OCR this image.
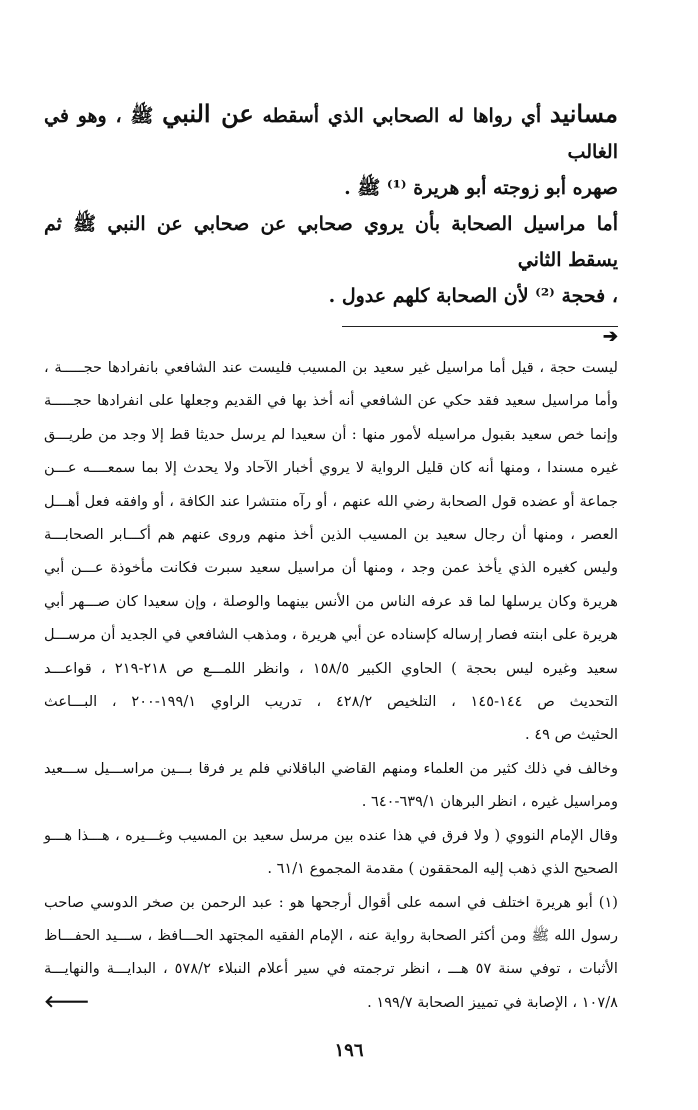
مسانيد أي رواها له الصحابي الذي أسقطه عن النبي ﷺ ، وهو في الغالب

صهره أبو زوجته أبو هريرة ⁽¹⁾ ﷺ .

أما مراسيل الصحابة بأن يروي صحابي عن صحابي عن النبي ﷺ ثم يسقط الثاني

، فحجة ⁽²⁾ لأن الصحابة كلهم عدول .

➔

ليست حجة ، قيل أما مراسيل غير سعيد بن المسيب فليست عند الشافعي بانفرادها حجـــــة ،

وأما مراسيل سعيد فقد حكي عن الشافعي أنه أخذ بها في القديم وجعلها على انفرادها حجـــــة

وإنما خص سعيد بقبول مراسيله لأمور منها : أن سعيدا لم يرسل حديثا قط إلا وجد من طريـــق

غيره مسندا ، ومنها أنه كان قليل الرواية لا يروي أخبار الآحاد ولا يحدث إلا بما سمعــــه عـــن

جماعة أو عضده قول الصحابة رضي الله عنهم ، أو رآه منتشرا عند الكافة ، أو وافقه فعل أهـــل

العصر ، ومنها أن رجال سعيد بن المسيب الذين أخذ منهم وروى عنهم هم أكـــابر الصحابـــة

وليس كغيره الذي يأخذ عمن وجد ، ومنها أن مراسيل سعيد سبرت فكانت مأخوذة عـــن أبي

هريرة وكان يرسلها لما قد عرفه الناس من الأنس بينهما والوصلة ، وإن سعيدا كان صـــهر أبي

هريرة على ابنته فصار إرساله كإسناده عن أبي هريرة ، ومذهب الشافعي في الجديد أن مرســـل

سعيد وغيره ليس بحجة ) الحاوي الكبير ١٥٨/٥ ، وانظر اللمـــع ص ٢١٨-٢١٩ ، قواعـــد

التحديث ص ١٤٤-١٤٥ ، التلخيص ٤٢٨/٢ ، تدريب الراوي ١٩٩/١-٢٠٠ ، البـــاعث

الحثيث ص ٤٩ .

وخالف في ذلك كثير من العلماء ومنهم القاضي الباقلاني فلم ير فرقا بـــين مراســـيل ســـعيد

ومراسيل غيره ، انظر البرهان ٦٣٩/١-٦٤٠ .

وقال الإمام النووي ( ولا فرق في هذا عنده بين مرسل سعيد بن المسيب وغـــيره ، هـــذا هـــو

الصحيح الذي ذهب إليه المحققون ) مقدمة المجموع ٦١/١ .

(١) أبو هريرة اختلف في اسمه على أقوال أرجحها هو : عبد الرحمن بن صخر الدوسي صاحب

رسول الله ﷺ ومن أكثر الصحابة رواية عنه ، الإمام الفقيه المجتهد الحـــافظ ، ســـيد الحفـــاظ

الأثبات ، توفي سنة ٥٧ هـــ ، انظر ترجمته في سير أعلام النبلاء ٥٧٨/٢ ، البدايـــة والنهايـــة

١٠٧/٨ ، الإصابة في تمييز الصحابة ١٩٩/٧ .
🡐

١٩٦
